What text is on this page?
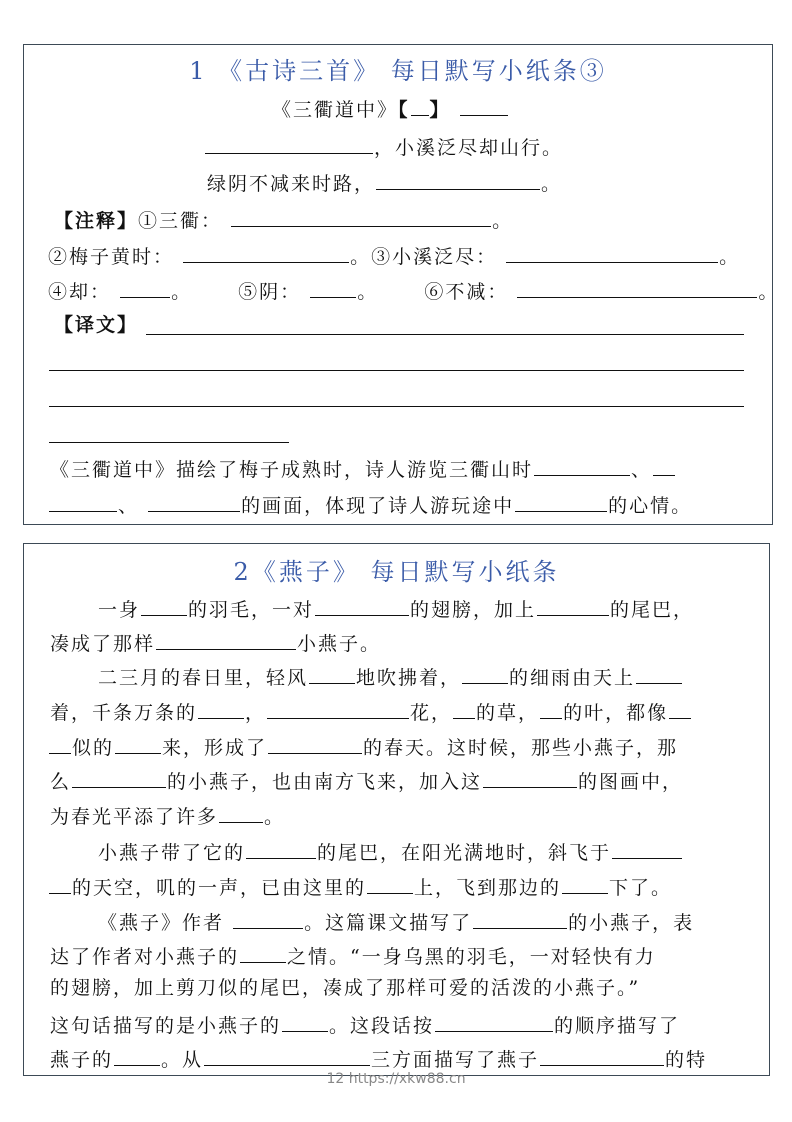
1 《古诗三首》 每日默写小纸条③
《三衢道中》【 】
，小溪泛尽却山行。
绿阴不减来时路，	。
【注释】①三衢：	。
②梅子黄时：	。③小溪泛尽：	。
④却：	。 ⑤阴：	。 ⑥不减：	。
【译文】
《三衢道中》描绘了梅子成熟时，诗人游览三衢山时	、
、	的画面，体现了诗人游玩途中	的心情。
2《燕子》 每日默写小纸条
一身	的羽毛，一对	的翅膀，加上	的尾巴，
凑成了那样	小燕子。
二三月的春日里，轻风	地吹拂着，	的细雨由天上
着，千条万条的	，	花， 的草， 的叶，都像
似的	来，形成了	的春天。这时候，那些小燕子，那
么	的小燕子，也由南方飞来，加入这	的图画中，
为春光平添了许多 。
小燕子带了它的	的尾巴，在阳光满地时，斜飞于
的天空，叽的一声，已由这里的	上，飞到那边的	下了。
《燕子》作者	。这篇课文描写了	的小燕子，表
达了作者对小燕子的	之情。“一身乌黑的羽毛，一对轻快有力
的翅膀，加上剪刀似的尾巴，凑成了那样可爱的活泼的小燕子。”
这句话描写的是小燕子的	。这段话按	的顺序描写了
燕子的	。从	三方面描写了燕子	的特
12 https://xkw88.cn
